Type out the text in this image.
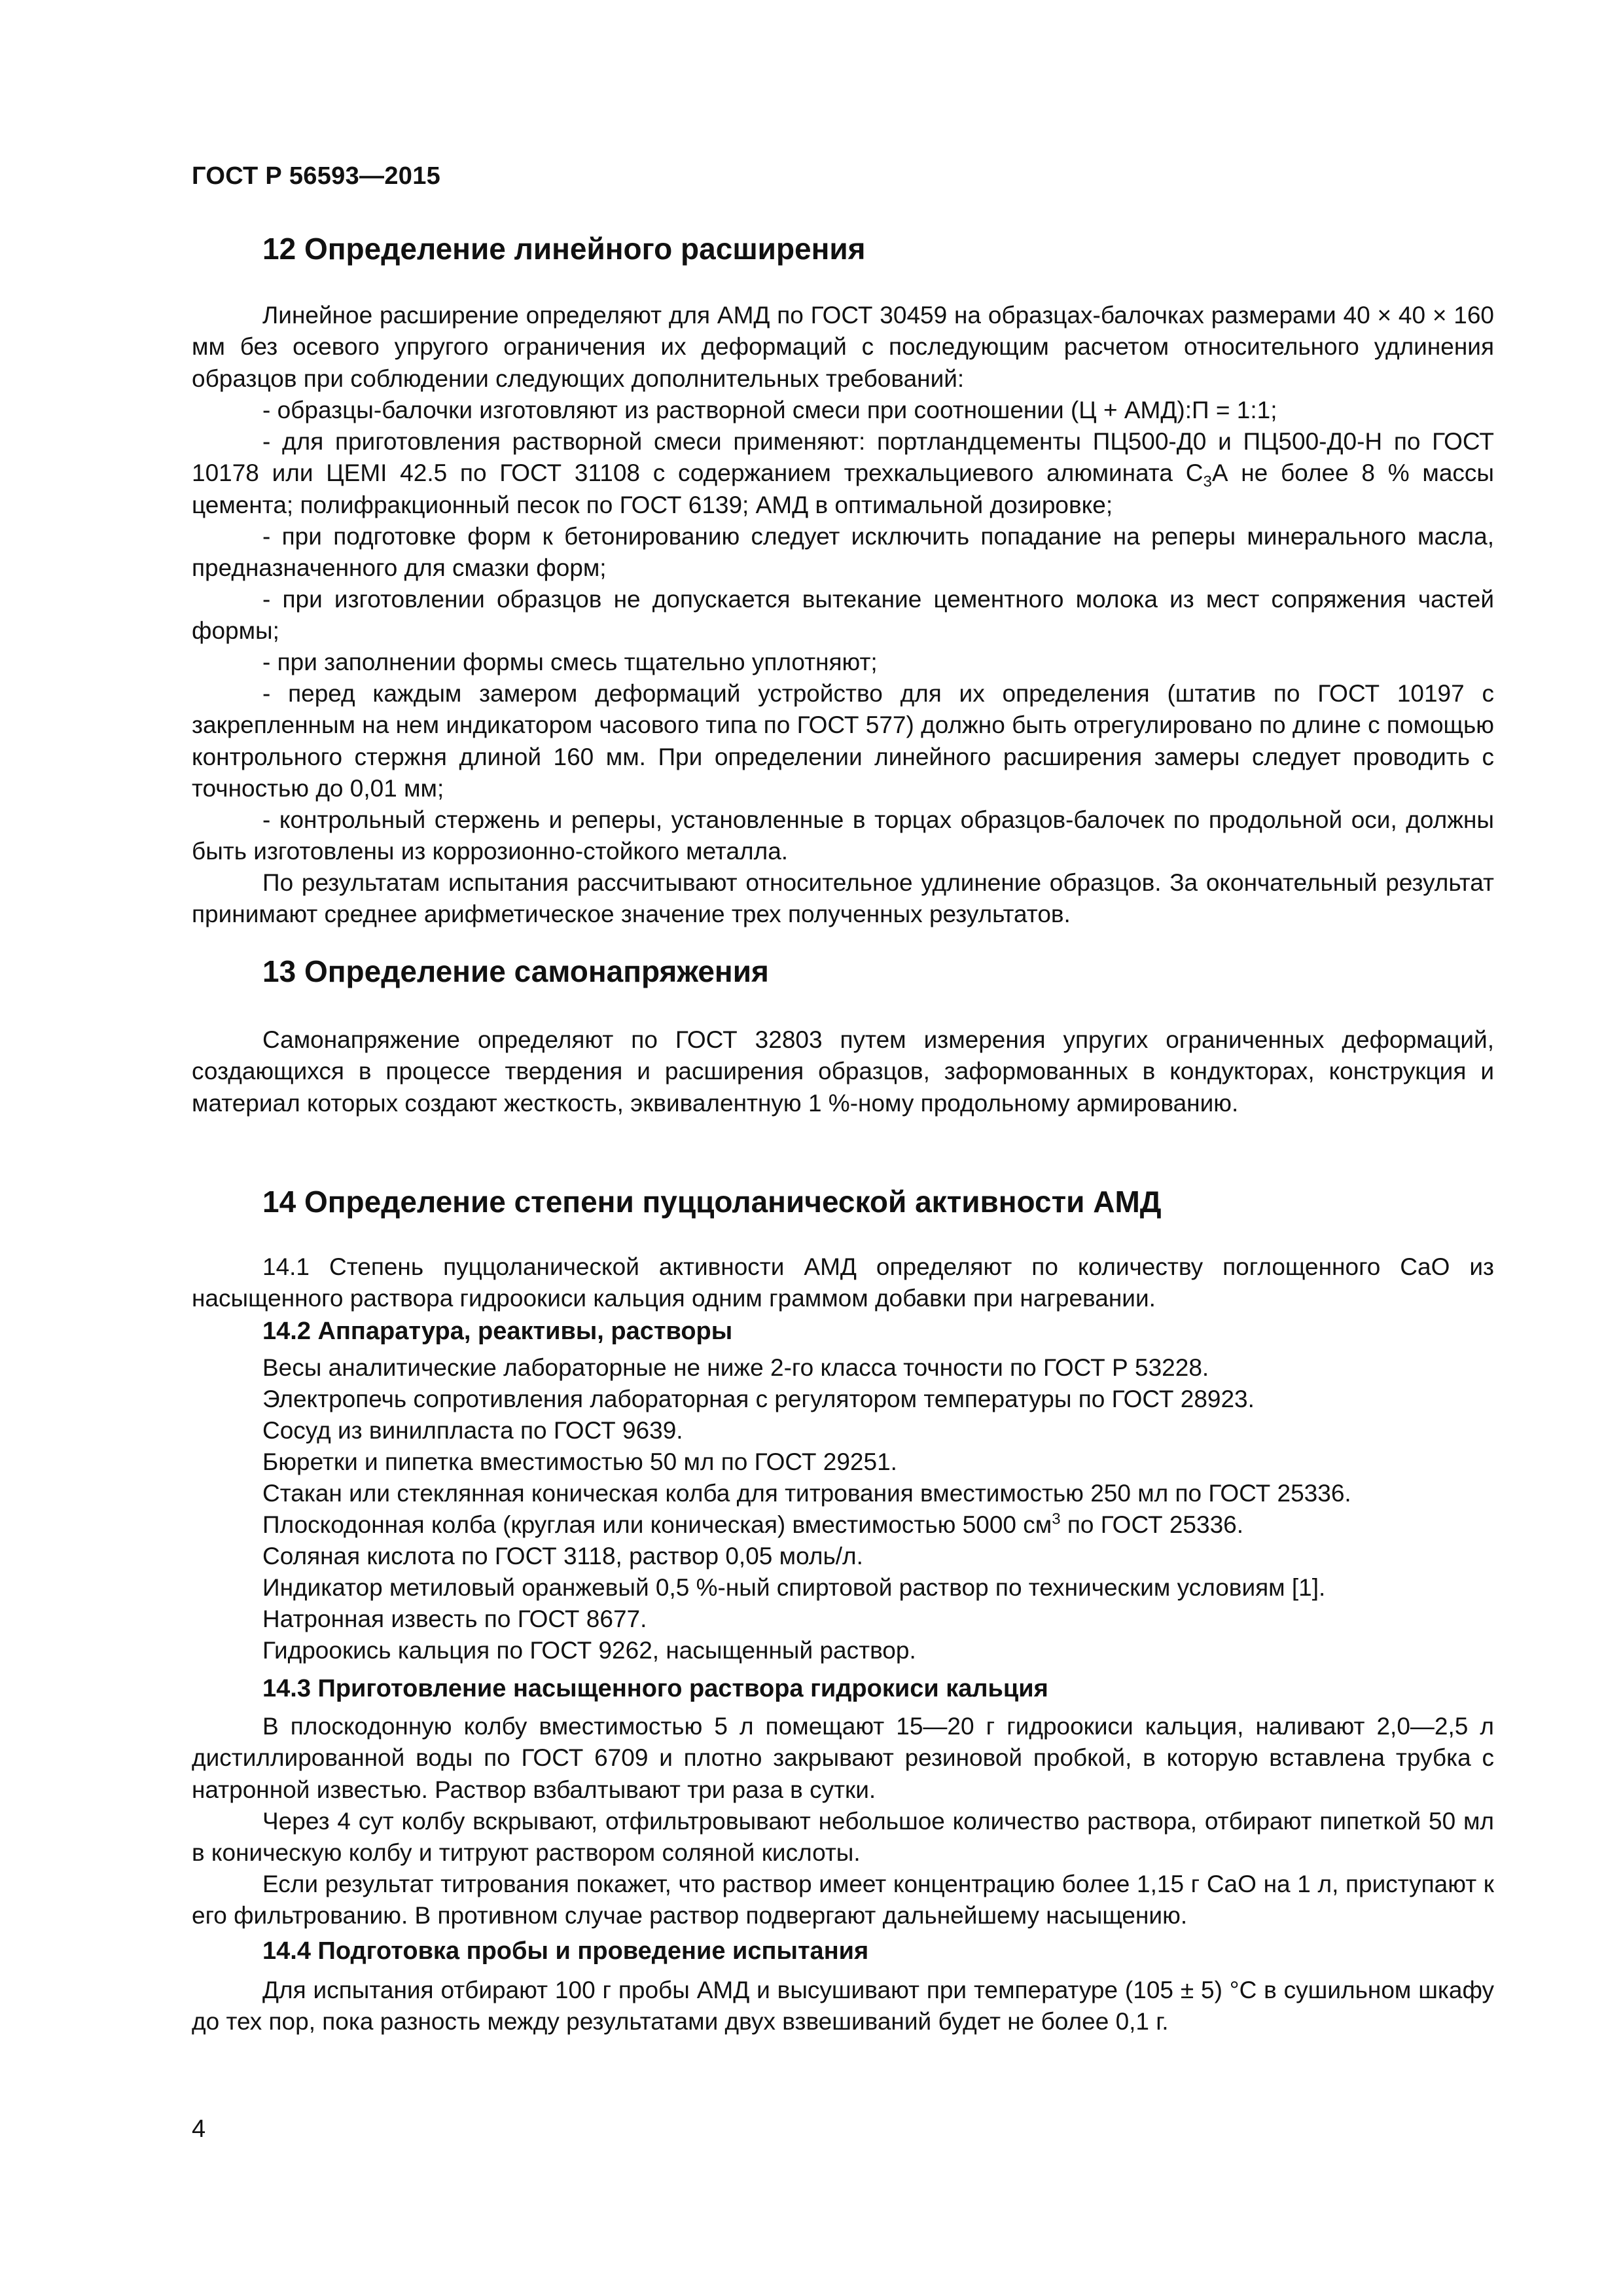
ГОСТ Р 56593—2015
12 Определение линейного расширения

Линейное расширение определяют для АМД по ГОСТ 30459 на образцах-балочках размерами 40 × 40 × 160 мм без осевого упругого ограничения их деформаций с последующим расчетом относительного удлинения образцов при соблюдении следующих дополнительных требований:

- образцы-балочки изготовляют из растворной смеси при соотношении (Ц + АМД):П = 1:1;

- для приготовления растворной смеси применяют: портландцементы ПЦ500-Д0 и ПЦ500-Д0-Н по ГОСТ 10178 или ЦЕМI 42.5 по ГОСТ 31108 с содержанием трехкальциевого алюмината $С_3А$ не более 8 % массы цемента; полифракционный песок по ГОСТ 6139; АМД в оптимальной дозировке;

- при подготовке форм к бетонированию следует исключить попадание на реперы минерального масла, предназначенного для смазки форм;

- при изготовлении образцов не допускается вытекание цементного молока из мест сопряжения частей формы;

- при заполнении формы смесь тщательно уплотняют;

- перед каждым замером деформаций устройство для их определения (штатив по ГОСТ 10197 с закрепленным на нем индикатором часового типа по ГОСТ 577) должно быть отрегулировано по длине с помощью контрольного стержня длиной 160 мм. При определении линейного расширения замеры следует проводить с точностью до 0,01 мм;

- контрольный стержень и реперы, установленные в торцах образцов-балочек по продольной оси, должны быть изготовлены из коррозионно-стойкого металла.

По результатам испытания рассчитывают относительное удлинение образцов. За окончательный результат принимают среднее арифметическое значение трех полученных результатов.

13 Определение самонапряжения

Самонапряжение определяют по ГОСТ 32803 путем измерения упругих ограниченных деформаций, создающихся в процессе твердения и расширения образцов, заформованных в кондукторах, конструкция и материал которых создают жесткость, эквивалентную 1 %-ному продольному армированию.

14 Определение степени пуццоланической активности АМД

14.1 Степень пуццоланической активности АМД определяют по количеству поглощенного CaO из насыщенного раствора гидроокиси кальция одним граммом добавки при нагревании.

14.2 Аппаратура, реактивы, растворы

Весы аналитические лабораторные не ниже 2-го класса точности по ГОСТ Р 53228.

Электропечь сопротивления лабораторная с регулятором температуры по ГОСТ 28923.

Сосуд из винилпласта по ГОСТ 9639.

Бюретки и пипетка вместимостью 50 мл по ГОСТ 29251.

Стакан или стеклянная коническая колба для титрования вместимостью 250 мл по ГОСТ 25336.

Плоскодонная колба (круглая или коническая) вместимостью 5000 $см^3$ по ГОСТ 25336.

Соляная кислота по ГОСТ 3118, раствор 0,05 моль/л.

Индикатор метиловый оранжевый 0,5 %-ный спиртовой раствор по техническим условиям [1].

Натронная известь по ГОСТ 8677.

Гидроокись кальция по ГОСТ 9262, насыщенный раствор.

14.3 Приготовление насыщенного раствора гидрокиси кальция

В плоскодонную колбу вместимостью 5 л помещают 15—20 г гидроокиси кальция, наливают 2,0—2,5 л дистиллированной воды по ГОСТ 6709 и плотно закрывают резиновой пробкой, в которую вставлена трубка с натронной известью. Раствор взбалтывают три раза в сутки.

Через 4 сут колбу вскрывают, отфильтровывают небольшое количество раствора, отбирают пипеткой 50 мл в коническую колбу и титруют раствором соляной кислоты.

Если результат титрования покажет, что раствор имеет концентрацию более 1,15 г CaO на 1 л, приступают к его фильтрованию. В противном случае раствор подвергают дальнейшему насыщению.

14.4 Подготовка пробы и проведение испытания

Для испытания отбирают 100 г пробы АМД и высушивают при температуре (105 ± 5) °С в сушильном шкафу до тех пор, пока разность между результатами двух взвешиваний будет не более 0,1 г.

4
